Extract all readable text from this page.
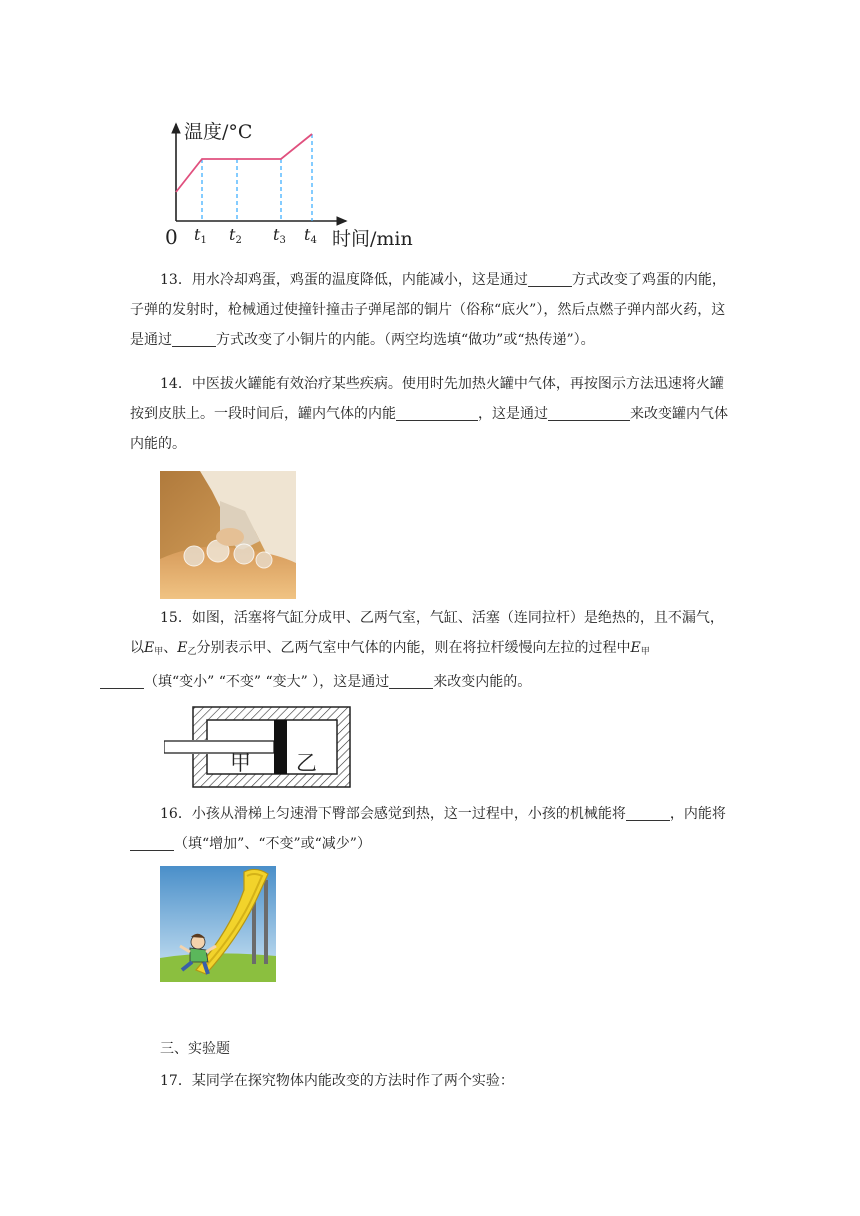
t1 t2 t3 t4
温度/°C
时间/min
0
13．用水冷却鸡蛋，鸡蛋的温度降低，内能减小，这是通过	方式改变了鸡蛋的内能，子弹的发射时，枪械通过使撞针撞击子弹尾部的铜片（俗称“底火”），然后点燃子弹内部火药，这是通过	方式改变了小铜片的内能。（两空均选填“做功”或“热传递”）。
14．中医拔火罐能有效治疗某些疾病。使用时先加热火罐中气体，再按图示方法迅速将火罐按到皮肤上。一段时间后，罐内气体的内能	，这是通过	来改变罐内气体内能的。
15．如图，活塞将气缸分成甲、乙两气室，气缸、活塞（连同拉杆）是绝热的，且不漏气，以$E_甲$、$E_乙$分别表示甲、乙两气室中气体的内能，则在将拉杆缓慢向左拉的过程中$E_甲$
（填“变小” “不变” “变大” ），这是通过	来改变内能的。
甲 乙
16．小孩从滑梯上匀速滑下臀部会感觉到热，这一过程中，小孩的机械能将	，内能将（填“增加”、“不变”或“减少”）
三、实验题
17．某同学在探究物体内能改变的方法时作了两个实验：
